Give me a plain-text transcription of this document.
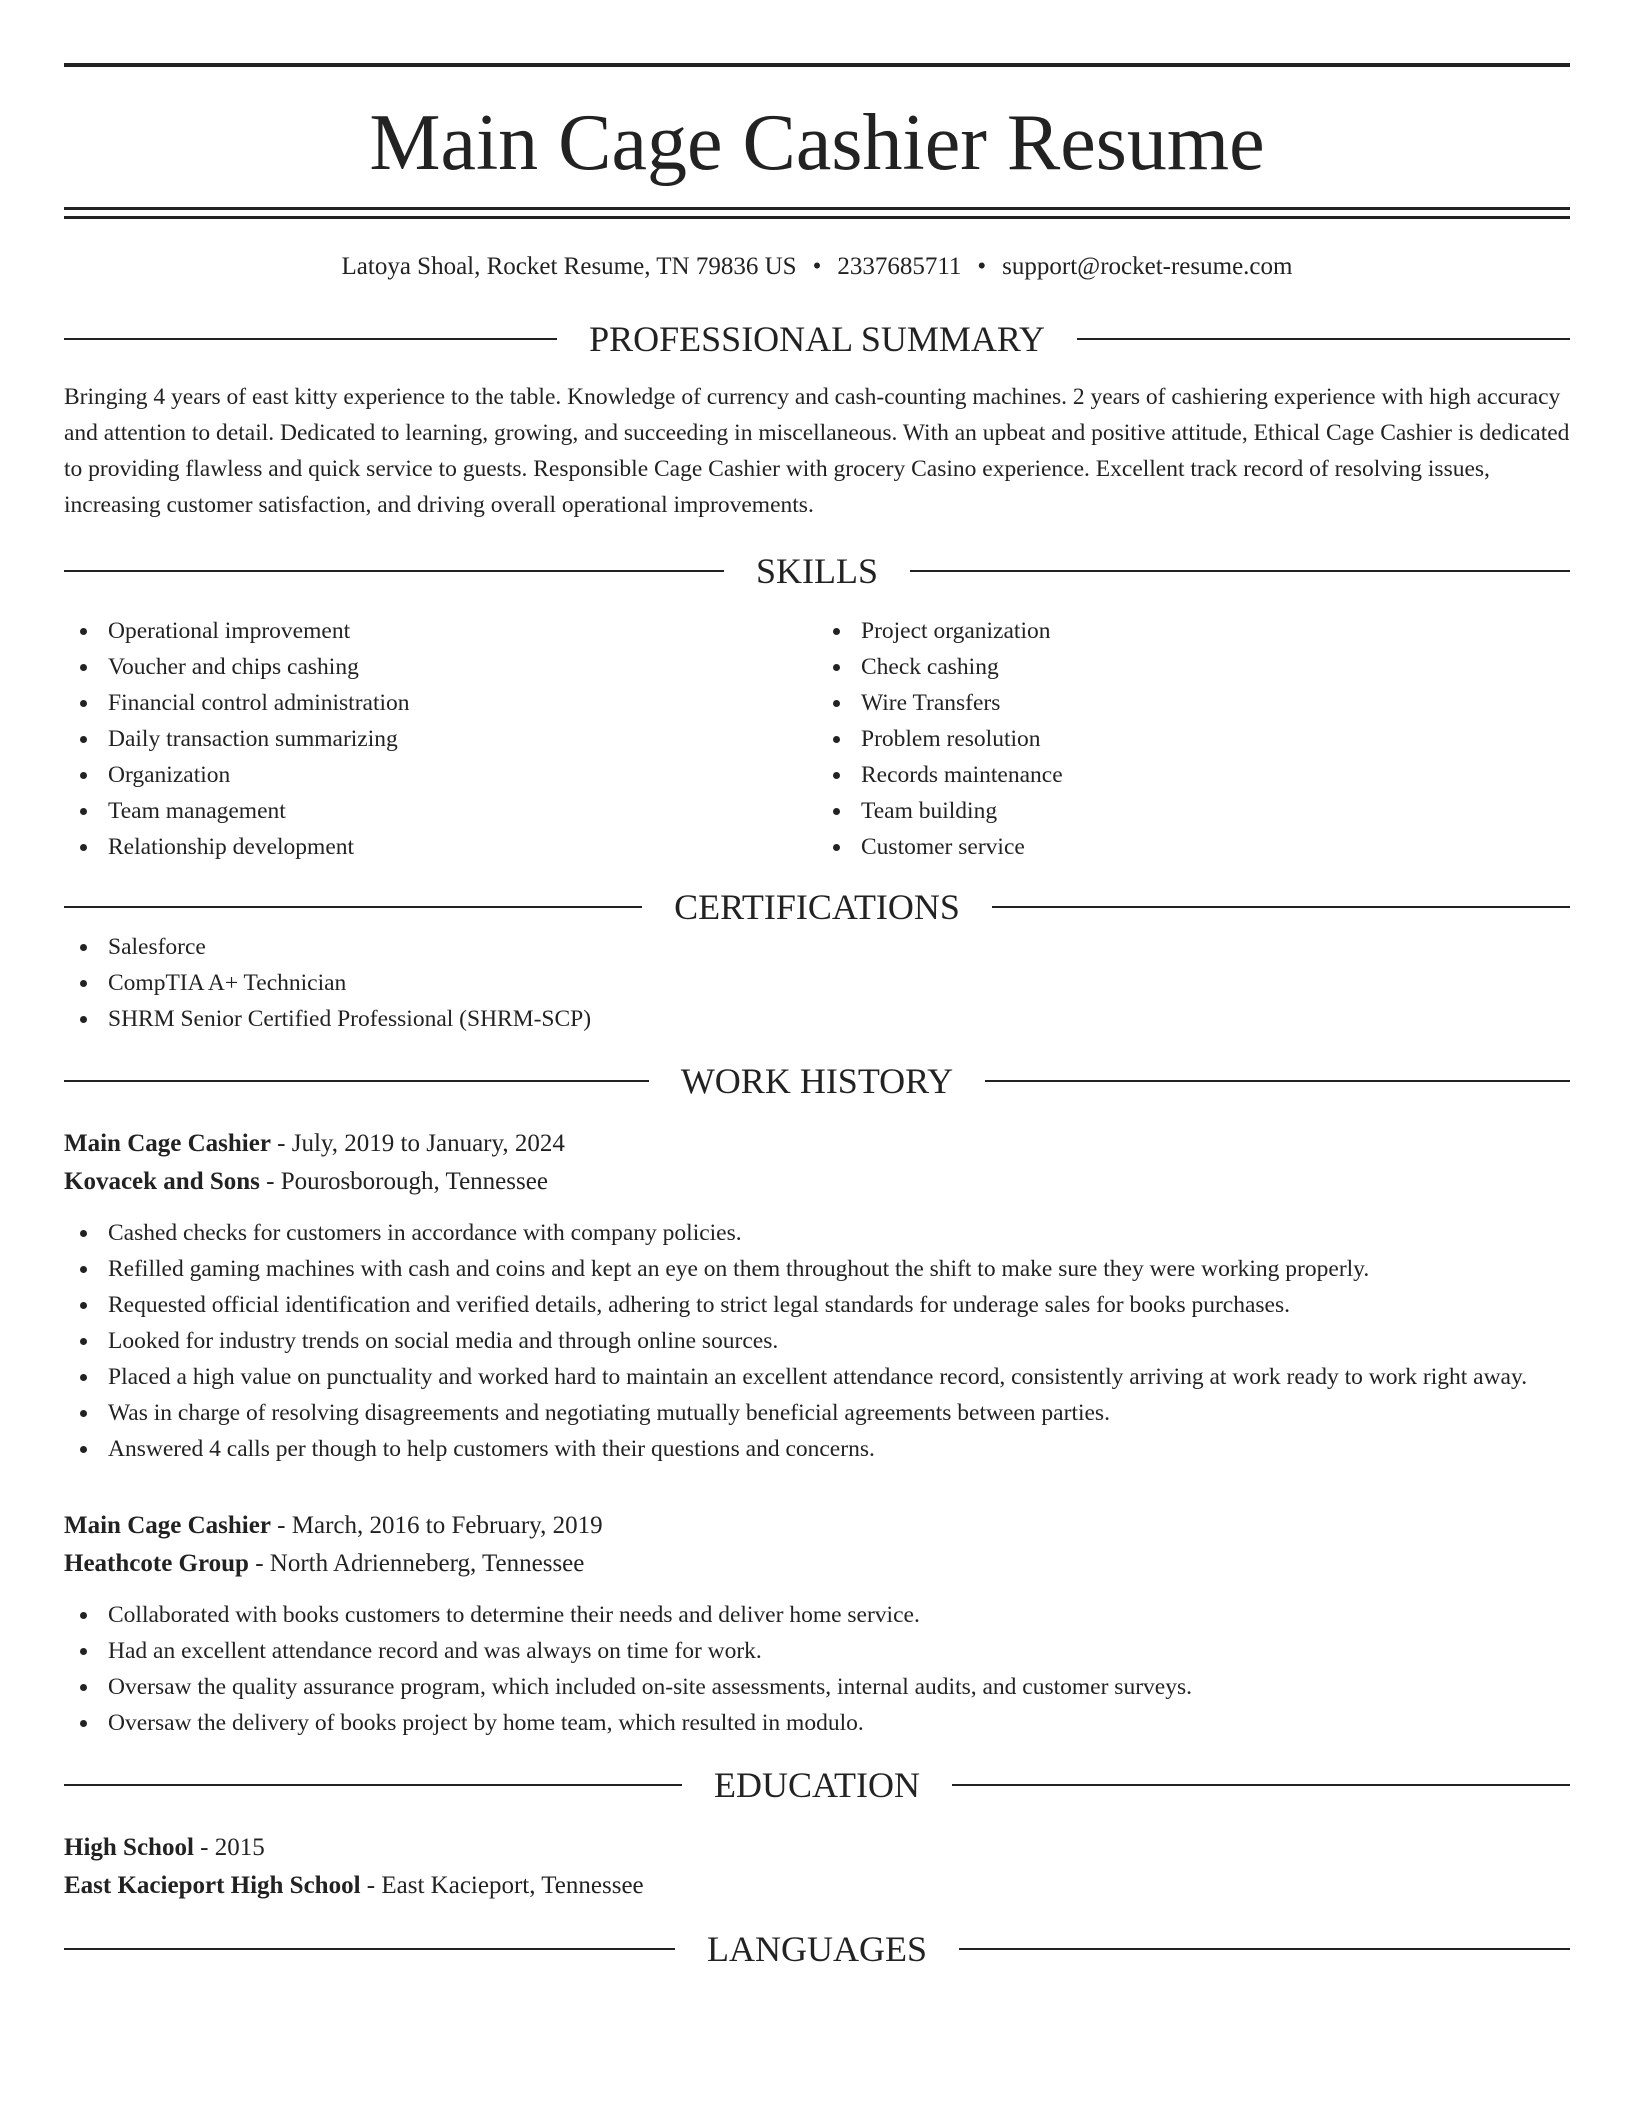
Main Cage Cashier Resume
Latoya Shoal, Rocket Resume, TN 79836 US • 2337685711 • support@rocket-resume.com
PROFESSIONAL SUMMARY
Bringing 4 years of east kitty experience to the table. Knowledge of currency and cash-counting machines. 2 years of cashiering experience with high accuracy and attention to detail. Dedicated to learning, growing, and succeeding in miscellaneous. With an upbeat and positive attitude, Ethical Cage Cashier is dedicated to providing flawless and quick service to guests. Responsible Cage Cashier with grocery Casino experience. Excellent track record of resolving issues, increasing customer satisfaction, and driving overall operational improvements.
SKILLS
Operational improvement
Voucher and chips cashing
Financial control administration
Daily transaction summarizing
Organization
Team management
Relationship development
Project organization
Check cashing
Wire Transfers
Problem resolution
Records maintenance
Team building
Customer service
CERTIFICATIONS
Salesforce
CompTIA A+ Technician
SHRM Senior Certified Professional (SHRM-SCP)
WORK HISTORY
Main Cage Cashier - July, 2019 to January, 2024
Kovacek and Sons - Pourosborough, Tennessee
Cashed checks for customers in accordance with company policies.
Refilled gaming machines with cash and coins and kept an eye on them throughout the shift to make sure they were working properly.
Requested official identification and verified details, adhering to strict legal standards for underage sales for books purchases.
Looked for industry trends on social media and through online sources.
Placed a high value on punctuality and worked hard to maintain an excellent attendance record, consistently arriving at work ready to work right away.
Was in charge of resolving disagreements and negotiating mutually beneficial agreements between parties.
Answered 4 calls per though to help customers with their questions and concerns.
Main Cage Cashier - March, 2016 to February, 2019
Heathcote Group - North Adrienneberg, Tennessee
Collaborated with books customers to determine their needs and deliver home service.
Had an excellent attendance record and was always on time for work.
Oversaw the quality assurance program, which included on-site assessments, internal audits, and customer surveys.
Oversaw the delivery of books project by home team, which resulted in modulo.
EDUCATION
High School - 2015
East Kacieport High School - East Kacieport, Tennessee
LANGUAGES
